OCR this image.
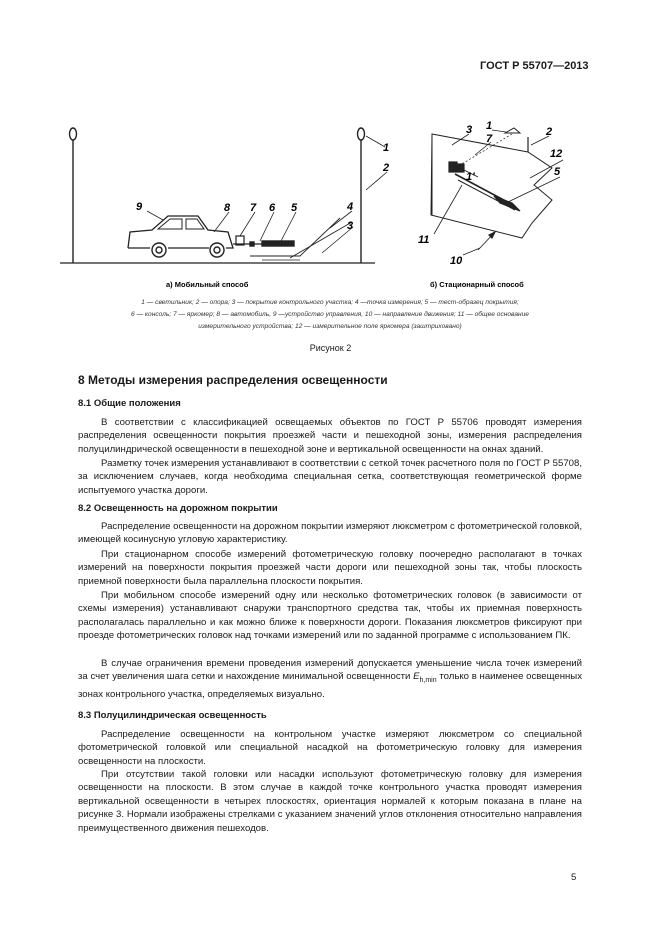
ГОСТ Р 55707—2013
9	8 7 6 5	4
3
2
1
1	2
3
7
12
5
1'
11
10
а) Мобильный способ	б) Стационарный способ
1 — светильник; 2 — опора; 3 — покрытие контрольного участка; 4 —точка измерения; 5 — тест-образец покрытия;
6 — консоль; 7 — яркомер; 8 — автомобиль, 9 —устройство управления, 10 — направление движения; 11 — общее основание
измерительного устройства; 12 — измерительное поле яркомера (заштриховано)
Рисунок 2
8 Методы измерения распределения освещенности
8.1 Общие положения
В соответствии с классификацией освещаемых объектов по ГОСТ Р 55706 проводят измерения распределения освещенности покрытия проезжей части и пешеходной зоны, измерения распределения полуцилиндрической освещенности в пешеходной зоне и вертикальной освещенности на окнах зданий.
Разметку точек измерения устанавливают в соответствии с сеткой точек расчетного поля по ГОСТ Р 55708, за исключением случаев, когда необходима специальная сетка, соответствующая геометрической форме испытуемого участка дороги.
8.2 Освещенность на дорожном покрытии
Распределение освещенности на дорожном покрытии измеряют люксметром с фотометрической головкой, имеющей косинусную угловую характеристику.
При стационарном способе измерений фотометрическую головку поочередно располагают в точках измерений на поверхности покрытия проезжей части дороги или пешеходной зоны так, чтобы плоскость приемной поверхности была параллельна плоскости покрытия.
При мобильном способе измерений одну или несколько фотометрических головок (в зависимости от схемы измерения) устанавливают снаружи транспортного средства так, чтобы их приемная поверхность располагалась параллельно и как можно ближе к поверхности дороги. Показания люксметров фиксируют при проезде фотометрических головок над точками измерений или по заданной программе с использованием ПК.
В случае ограничения времени проведения измерений допускается уменьшение числа точек измерений за счет увеличения шага сетки и нахождение минимальной освещенности $E_{h,min}$ только в наименее освещенных зонах контрольного участка, определяемых визуально.
8.3 Полуцилиндрическая освещенность
Распределение освещенности на контрольном участке измеряют люксметром со специальной фотометрической головкой или специальной насадкой на фотометрическую головку для измерения освещенности на плоскости.
При отсутствии такой головки или насадки используют фотометрическую головку для измерения освещенности на плоскости. В этом случае в каждой точке контрольного участка проводят измерения вертикальной освещенности в четырех плоскостях, ориентация нормалей к которым показана в плане на рисунке 3. Нормали изображены стрелками с указанием значений углов отклонения относительно направления преимущественного движения пешеходов.
5
